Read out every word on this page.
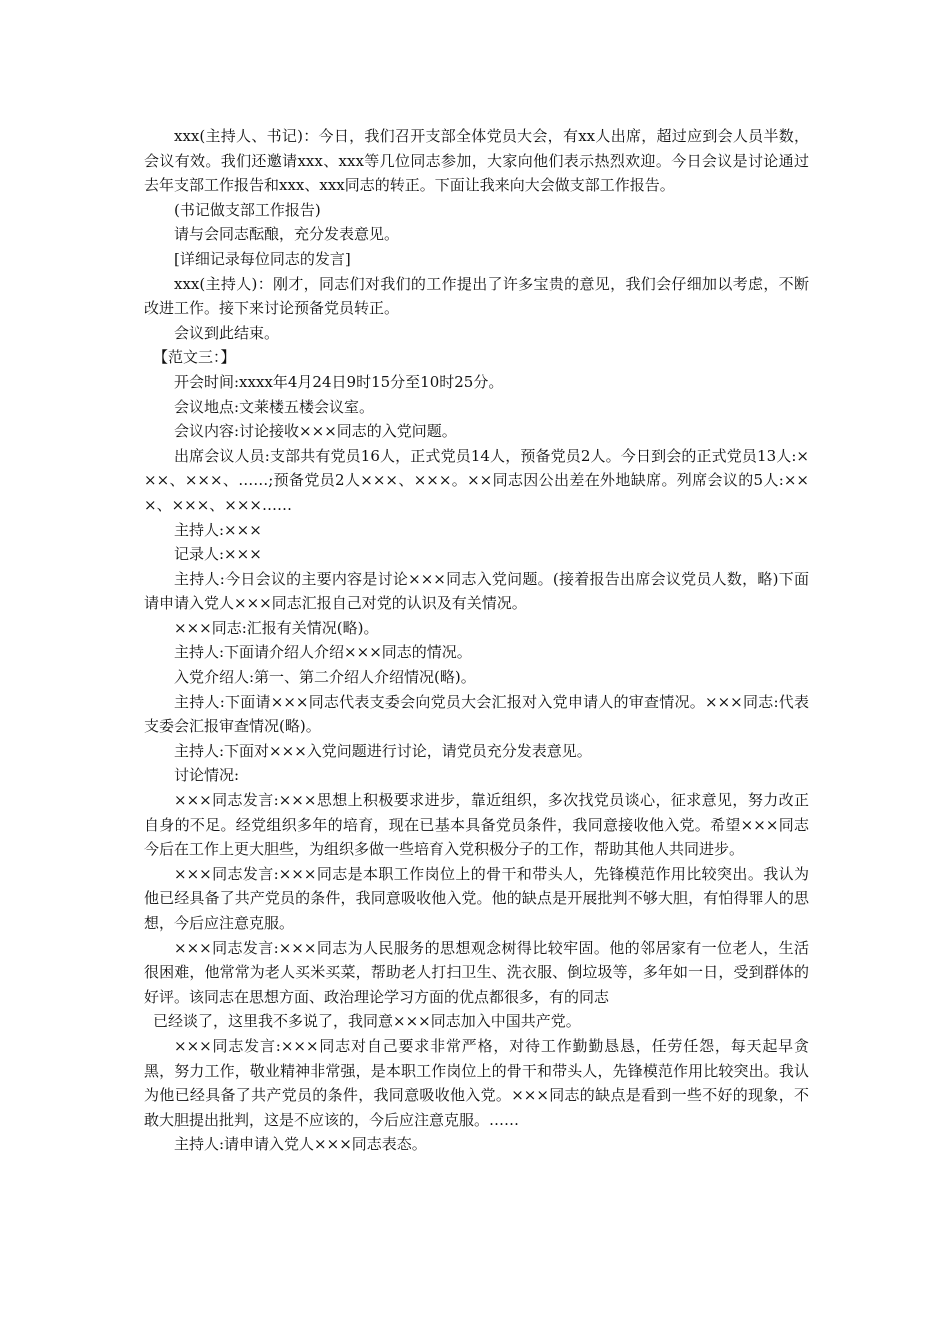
xxx(主持人、书记)：今日，我们召开支部全体党员大会，有xx人出席，超过应到会人员半数，会议有效。我们还邀请xxx、xxx等几位同志参加，大家向他们表示热烈欢迎。今日会议是讨论通过去年支部工作报告和xxx、xxx同志的转正。下面让我来向大会做支部工作报告。

(书记做支部工作报告)

请与会同志酝酿，充分发表意见。

[详细记录每位同志的发言]

xxx(主持人)：刚才，同志们对我们的工作提出了许多宝贵的意见，我们会仔细加以考虑，不断改进工作。接下来讨论预备党员转正。

会议到此结束。

【范文三：】

开会时间:xxxx年4月24日9时15分至10时25分。

会议地点:文莱楼五楼会议室。

会议内容:讨论接收×××同志的入党问题。

出席会议人员:支部共有党员16人，正式党员14人，预备党员2人。今日到会的正式党员13人:×××、×××、……;预备党员2人×××、×××。××同志因公出差在外地缺席。列席会议的5人:×××、×××、×××……

主持人:×××

记录人:×××

主持人:今日会议的主要内容是讨论×××同志入党问题。(接着报告出席会议党员人数，略)下面请申请入党人×××同志汇报自己对党的认识及有关情况。

×××同志:汇报有关情况(略)。

主持人:下面请介绍人介绍×××同志的情况。

入党介绍人:第一、第二介绍人介绍情况(略)。

主持人:下面请×××同志代表支委会向党员大会汇报对入党申请人的审查情况。×××同志:代表支委会汇报审查情况(略)。

主持人:下面对×××入党问题进行讨论，请党员充分发表意见。

讨论情况:

×××同志发言:×××思想上积极要求进步，靠近组织，多次找党员谈心，征求意见，努力改正自身的不足。经党组织多年的培育，现在已基本具备党员条件，我同意接收他入党。希望×××同志今后在工作上更大胆些，为组织多做一些培育入党积极分子的工作，帮助其他人共同进步。

×××同志发言:×××同志是本职工作岗位上的骨干和带头人，先锋模范作用比较突出。我认为他已经具备了共产党员的条件，我同意吸收他入党。他的缺点是开展批判不够大胆，有怕得罪人的思想，今后应注意克服。

×××同志发言:×××同志为人民服务的思想观念树得比较牢固。他的邻居家有一位老人，生活很困难，他常常为老人买米买菜，帮助老人打扫卫生、洗衣服、倒垃圾等，多年如一日，受到群体的好评。该同志在思想方面、政治理论学习方面的优点都很多，有的同志

已经谈了，这里我不多说了，我同意×××同志加入中国共产党。

×××同志发言:×××同志对自己要求非常严格，对待工作勤勤恳恳，任劳任怨，每天起早贪黑，努力工作，敬业精神非常强，是本职工作岗位上的骨干和带头人，先锋模范作用比较突出。我认为他已经具备了共产党员的条件，我同意吸收他入党。×××同志的缺点是看到一些不好的现象，不敢大胆提出批判，这是不应该的，今后应注意克服。……

主持人:请申请入党人×××同志表态。
